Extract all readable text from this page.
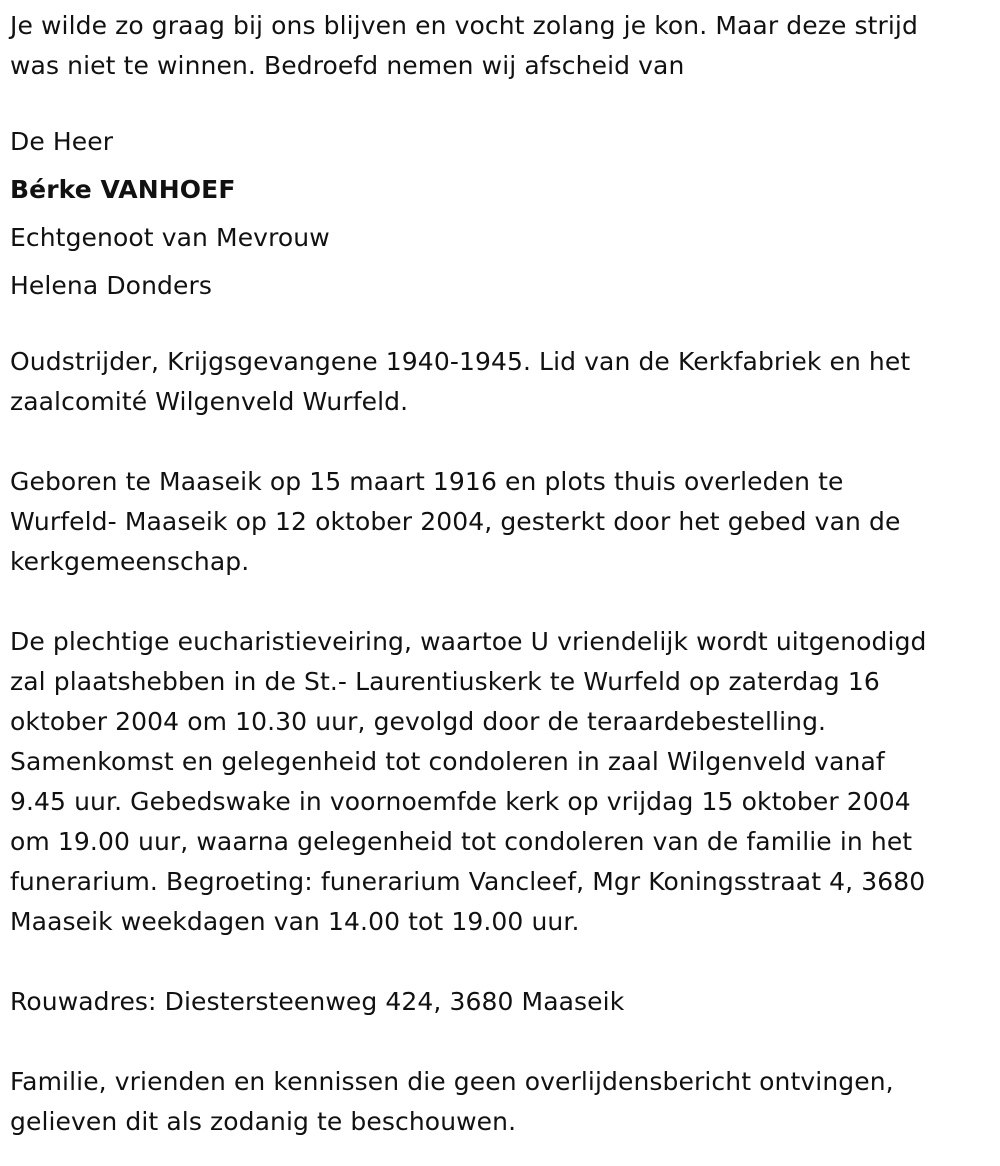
Je wilde zo graag bij ons blijven en vocht zolang je kon. Maar deze strijd

was niet te winnen. Bedroefd nemen wij afscheid van

De Heer

Bérke VANHOEF

Echtgenoot van Mevrouw

Helena Donders

Oudstrijder, Krijgsgevangene 1940-1945. Lid van de Kerkfabriek en het

zaalcomité Wilgenveld Wurfeld.

Geboren te Maaseik op 15 maart 1916 en plots thuis overleden te

Wurfeld- Maaseik op 12 oktober 2004, gesterkt door het gebed van de

kerkgemeenschap.

De plechtige eucharistieveiring, waartoe U vriendelijk wordt uitgenodigd

zal plaatshebben in de St.- Laurentiuskerk te Wurfeld op zaterdag 16

oktober 2004 om 10.30 uur, gevolgd door de teraardebestelling.

Samenkomst en gelegenheid tot condoleren in zaal Wilgenveld vanaf

9.45 uur. Gebedswake in voornoemfde kerk op vrijdag 15 oktober 2004

om 19.00 uur, waarna gelegenheid tot condoleren van de familie in het

funerarium. Begroeting: funerarium Vancleef, Mgr Koningsstraat 4, 3680

Maaseik weekdagen van 14.00 tot 19.00 uur.

Rouwadres: Diestersteenweg 424, 3680 Maaseik

Familie, vrienden en kennissen die geen overlijdensbericht ontvingen,

gelieven dit als zodanig te beschouwen.
